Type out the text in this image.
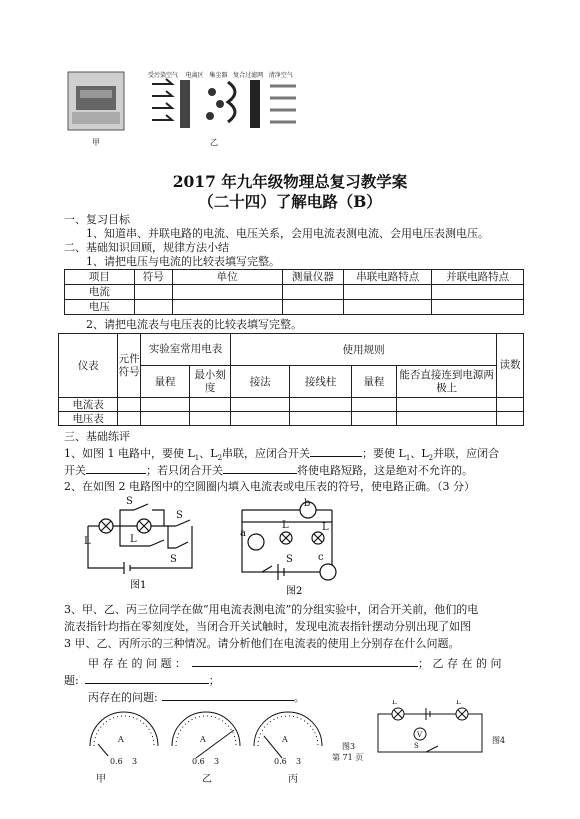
受污染空气 电离区 集尘器 复合过滤网 清净空气
甲	乙
2017 年九年级物理总复习教学案
（二十四）了解电路（B）
一、复习目标
1、知道串、并联电路的电流、电压关系，会用电流表测电流、会用电压表测电压。
二、基础知识回顾，规律方法小结
1、请把电压与电流的比较表填写完整。
项目	符号	单位	测量仪器	串联电路特点	并联电路特点
电流					
电压					
2、请把电流表与电压表的比较表填写完整。
仪表	元件符号	实验室常用电表		使用规则				读数
		量程	最小刻度	接法	接线柱	量程	能否直接连到电源两极上	
电流表								
电压表								
三、基础练评
1、如图 1 电路中，要使 $L_1$、$L_2$串联，应闭合开关	；要使 $L_1$、$L_2$并联，应闭合
开关	；若只闭合开关	将使电路短路，这是绝对不允许的。
2、在如图 2 电路图中的空圆圈内填入电流表或电压表的符号，使电路正确。（3 分）
S
S
L	L
S
图1
b
a
c
L	L
S
图2
3、甲、乙、丙三位同学在做“用电流表测电流”的分组实验中，闭合开关前，他们的电
流表指针均指在零刻度处，当闭合开关试触时，发现电流表指针摆动分别出现了如图
3 甲、乙、丙所示的三种情况。请分析他们在电流表的使用上分别存在什么问题。
甲 存 在 的 问 题 ：	； 乙 存 在 的 问
题:	；
丙存在的问题:	。
A
0.6 3
A
0.6 3
A
0.6 3
甲	乙	丙
L	L
V
S
图4
图3
第 71 页
